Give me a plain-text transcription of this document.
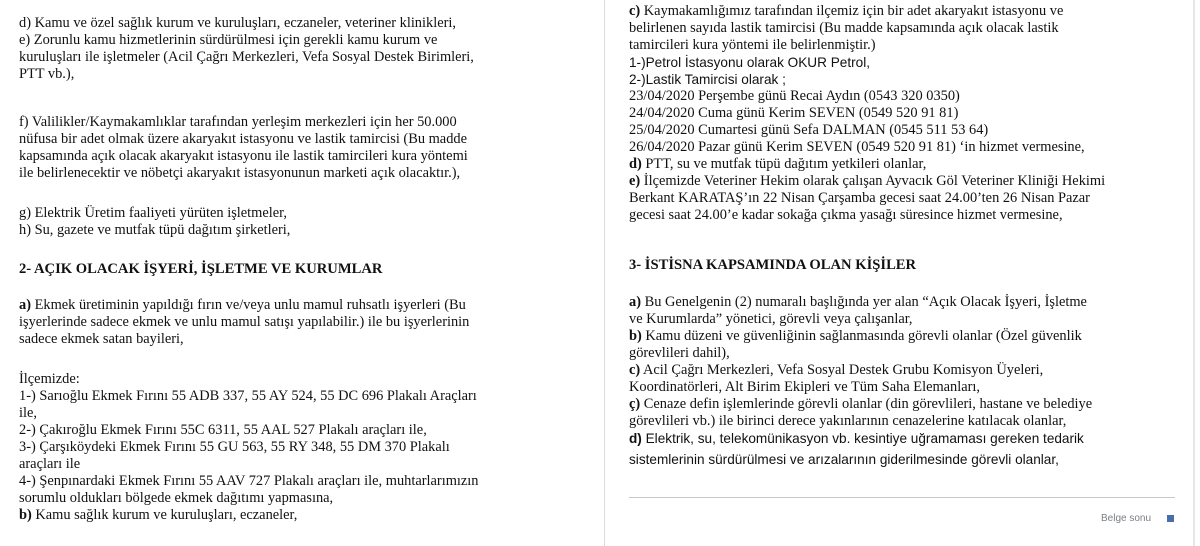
d) Kamu ve özel sağlık kurum ve kuruluşları, eczaneler, veteriner klinikleri,
e) Zorunlu kamu hizmetlerinin sürdürülmesi için gerekli kamu kurum ve
kuruluşları ile işletmeler (Acil Çağrı Merkezleri, Vefa Sosyal Destek Birimleri,
PTT vb.),
f) Valilikler/Kaymakamlıklar tarafından yerleşim merkezleri için her 50.000
nüfusa bir adet olmak üzere akaryakıt istasyonu ve lastik tamircisi (Bu madde
kapsamında açık olacak akaryakıt istasyonu ile lastik tamircileri kura yöntemi
ile belirlenecektir ve nöbetçi akaryakıt istasyonunun marketi açık olacaktır.),
g) Elektrik Üretim faaliyeti yürüten işletmeler,
h) Su, gazete ve mutfak tüpü dağıtım şirketleri,
2- AÇIK OLACAK İŞYERİ, İŞLETME VE KURUMLAR
a) Ekmek üretiminin yapıldığı fırın ve/veya unlu mamul ruhsatlı işyerleri (Bu
işyerlerinde sadece ekmek ve unlu mamul satışı yapılabilir.) ile bu işyerlerinin
sadece ekmek satan bayileri,
İlçemizde:
1-) Sarıoğlu Ekmek Fırını 55 ADB 337, 55 AY 524, 55 DC 696 Plakalı Araçları
ile,
2-) Çakıroğlu Ekmek Fırını 55C 6311, 55 AAL 527 Plakalı araçları ile,
3-) Çarşıköydeki Ekmek Fırını 55 GU 563, 55 RY 348, 55 DM 370 Plakalı
araçları ile
4-) Şenpınardaki Ekmek Fırını 55 AAV 727 Plakalı araçları ile, muhtarlarımızın
sorumlu oldukları bölgede ekmek dağıtımı yapmasına,
b) Kamu sağlık kurum ve kuruluşları, eczaneler,
c) Kaymakamlığımız tarafından ilçemiz için bir adet akaryakıt istasyonu ve
belirlenen sayıda lastik tamircisi (Bu madde kapsamında açık olacak lastik
tamircileri kura yöntemi ile belirlenmiştir.)
1-)Petrol İstasyonu olarak OKUR Petrol,
2-)Lastik Tamircisi olarak ;
23/04/2020 Perşembe günü Recai Aydın (0543 320 0350)
24/04/2020 Cuma günü Kerim SEVEN (0549 520 91 81)
25/04/2020 Cumartesi günü Sefa DALMAN (0545 511 53 64)
26/04/2020 Pazar günü Kerim SEVEN (0549 520 91 81) ‘in hizmet vermesine,
d) PTT, su ve mutfak tüpü dağıtım yetkileri olanlar,
e) İlçemizde Veteriner Hekim olarak çalışan Ayvacık Göl Veteriner Kliniği Hekimi
Berkant KARATAŞ’ın 22 Nisan Çarşamba gecesi saat 24.00’ten 26 Nisan Pazar
gecesi saat 24.00’e kadar sokağa çıkma yasağı süresince hizmet vermesine,
3- İSTİSNA KAPSAMINDA OLAN KİŞİLER
a) Bu Genelgenin (2) numaralı başlığında yer alan “Açık Olacak İşyeri, İşletme
ve Kurumlarda” yönetici, görevli veya çalışanlar,
b) Kamu düzeni ve güvenliğinin sağlanmasında görevli olanlar (Özel güvenlik
görevlileri dahil),
c) Acil Çağrı Merkezleri, Vefa Sosyal Destek Grubu Komisyon Üyeleri,
Koordinatörleri, Alt Birim Ekipleri ve Tüm Saha Elemanları,
ç) Cenaze defin işlemlerinde görevli olanlar (din görevlileri, hastane ve belediye
görevlileri vb.) ile birinci derece yakınlarının cenazelerine katılacak olanlar,
d) Elektrik, su, telekomünikasyon vb. kesintiye uğramaması gereken tedarik
sistemlerinin sürdürülmesi ve arızalarının giderilmesinde görevli olanlar,
Belge sonu
